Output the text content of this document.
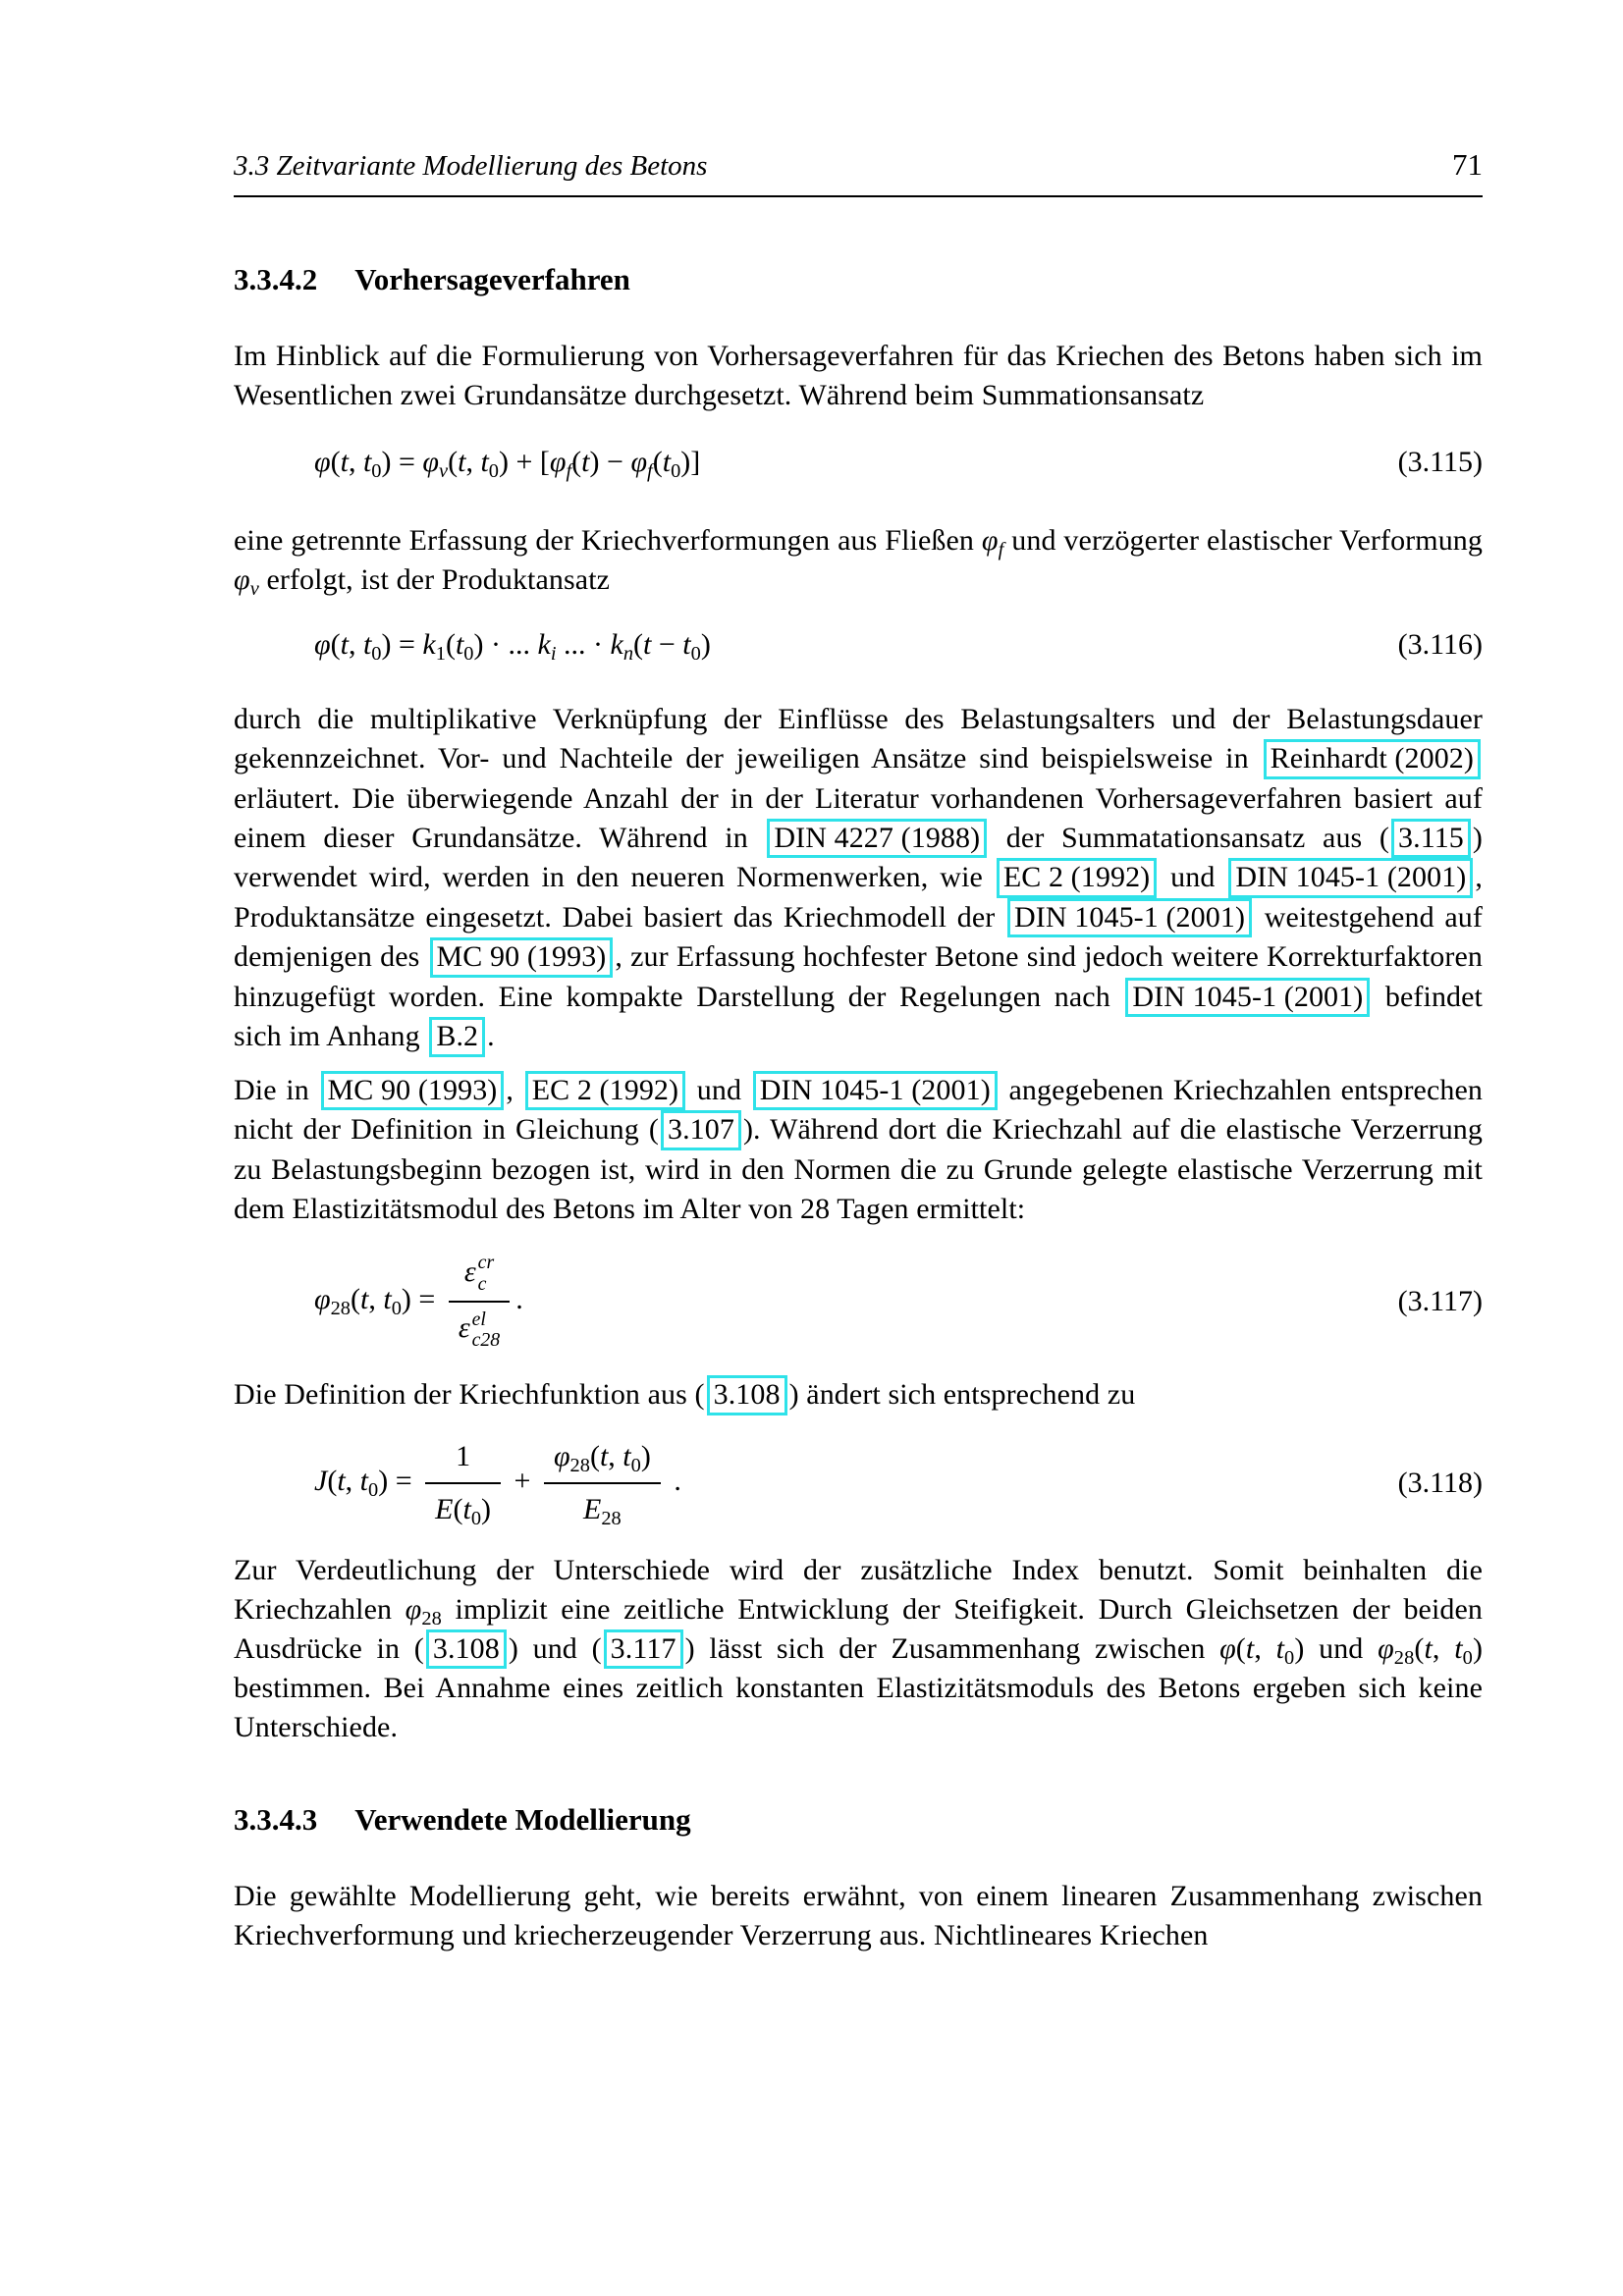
3.3 Zeitvariante Modellierung des Betons	71
3.3.4.2 Vorhersageverfahren

Im Hinblick auf die Formulierung von Vorhersageverfahren für das Kriechen des Betons haben sich im Wesentlichen zwei Grundansätze durchgesetzt. Während beim Summationsansatz

φ(t, $t_0) = \varphi_v(t$, $t_0) + [\varphi_f(t) - \varphi_f(t_0)]$	(3.115)

eine getrennte Erfassung der Kriechverformungen aus Fließen $\varphi_f$ und verzögerter elastischer Verformung $\varphi_v$ erfolgt, ist der Produktansatz

φ(t, $t_0) = k_1(t_0)$ · ... $k_i$ ... · $k_n(t - t_0)$	(3.116)

durch die multiplikative Verknüpfung der Einflüsse des Belastungsalters und der Belastungsdauer gekennzeichnet. Vor- und Nachteile der jeweiligen Ansätze sind beispielsweise in Reinhardt (2002) erläutert. Die überwiegende Anzahl der in der Literatur vorhandenen Vorhersageverfahren basiert auf einem dieser Grundansätze. Während in DIN 4227 (1988) der Summatationsansatz aus ( 3.115 ) verwendet wird, werden in den neueren Normenwerken, wie EC 2 (1992) und DIN 1045-1 (2001) , Produktansätze eingesetzt. Dabei basiert das Kriechmodell der DIN 1045-1 (2001) weitestgehend auf demjenigen des MC 90 (1993) , zur Erfassung hochfester Betone sind jedoch weitere Korrekturfaktoren hinzugefügt worden. Eine kompakte Darstellung der Regelungen nach DIN 1045-1 (2001) befindet sich im Anhang B.2 .

Die in MC 90 (1993) , EC 2 (1992) und DIN 1045-1 (2001) angegebenen Kriechzahlen entsprechen nicht der Definition in Gleichung ( 3.107 ). Während dort die Kriechzahl auf die elastische Verzerrung zu Belastungsbeginn bezogen ist, wird in den Normen die zu Grunde gelegte elastische Verzerrung mit dem Elastizitätsmodul des Betons im Alter von 28 Tagen ermittelt:

$\varphi_{28}(t$, $t_0) = \varepsilon$ cr
c
ε el
c28 .	(3.117)

Die Definition der Kriechfunktion aus ( 3.108 ) ändert sich entsprechend zu

J(t, $t_0) = \frac{1}{E(t_0)} + \frac{\varphi_{28}(t, t_0)}{E_{28}}$ .	(3.118)

Zur Verdeutlichung der Unterschiede wird der zusätzliche Index benutzt. Somit beinhalten die Kriechzahlen $\varphi_{28}$ implizit eine zeitliche Entwicklung der Steifigkeit. Durch Gleichsetzen der beiden Ausdrücke in ( 3.108 ) und ( 3.117 ) lässt sich der Zusammenhang zwischen φ(t, $t_0$) und $\varphi_{28}(t$, $t_0$) bestimmen. Bei Annahme eines zeitlich konstanten Elastizitätsmoduls des Betons ergeben sich keine Unterschiede.

3.3.4.3 Verwendete Modellierung

Die gewählte Modellierung geht, wie bereits erwähnt, von einem linearen Zusammenhang zwischen Kriechverformung und kriecherzeugender Verzerrung aus. Nichtlineares Kriechen
